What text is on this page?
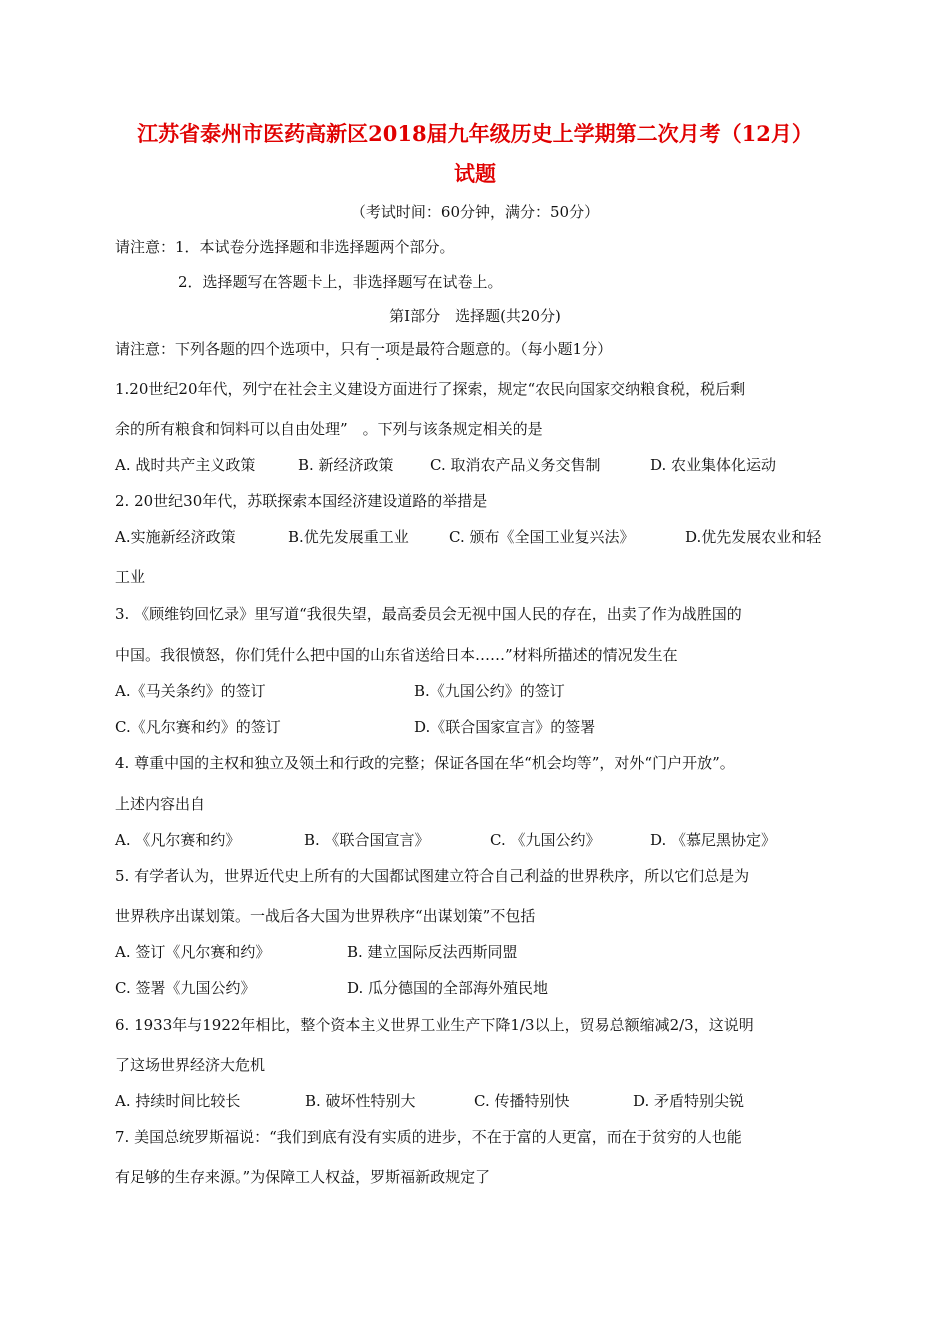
江苏省泰州市医药高新区2018届九年级历史上学期第二次月考（12月）
试题
（考试时间：60分钟，满分：50分）
请注意：1．本试卷分选择题和非选择题两个部分。
2．选择题写在答题卡上，非选择题写在试卷上。
第Ⅰ部分　选择题(共20分)
请注意：下列各题的四个选项中，只有一项是最符合题意的。（每小题1分）
1.20世纪20年代，列宁在社会主义建设方面进行了探索，规定“农民向国家交纳粮食税，税后剩
余的所有粮食和饲料可以自由处理”　。下列与该条规定相关的是
A. 战时共产主义政策	B. 新经济政策 C. 取消农产品义务交售制	D. 农业集体化运动
2. 20世纪30年代，苏联探索本国经济建设道路的举措是
A.实施新经济政策	B.优先发展重工业	C. 颁布《全国工业复兴法》	D.优先发展农业和轻
工业
3. 《顾维钧回忆录》里写道“我很失望，最高委员会无视中国人民的存在，出卖了作为战胜国的
中国。我很愤怒，你们凭什么把中国的山东省送给日本……”材料所描述的情况发生在
A.《马关条约》的签订	B.《九国公约》的签订
C.《凡尔赛和约》的签订	D.《联合国家宣言》的签署
4. 尊重中国的主权和独立及领土和行政的完整；保证各国在华“机会均等”，对外“门户开放”。
上述内容出自
A. 《凡尔赛和约》	B. 《联合国宣言》	C. 《九国公约》	D. 《慕尼黑协定》
5. 有学者认为，世界近代史上所有的大国都试图建立符合自己利益的世界秩序，所以它们总是为
世界秩序出谋划策。一战后各大国为世界秩序“出谋划策”不包括
A. 签订《凡尔赛和约》	B. 建立国际反法西斯同盟
C. 签署《九国公约》	D. 瓜分德国的全部海外殖民地
6. 1933年与1922年相比，整个资本主义世界工业生产下降1/3以上，贸易总额缩减2/3，这说明
了这场世界经济大危机
A. 持续时间比较长	B. 破坏性特别大	C. 传播特别快	D. 矛盾特别尖锐
7. 美国总统罗斯福说：“我们到底有没有实质的进步，不在于富的人更富，而在于贫穷的人也能
有足够的生存来源。”为保障工人权益，罗斯福新政规定了
